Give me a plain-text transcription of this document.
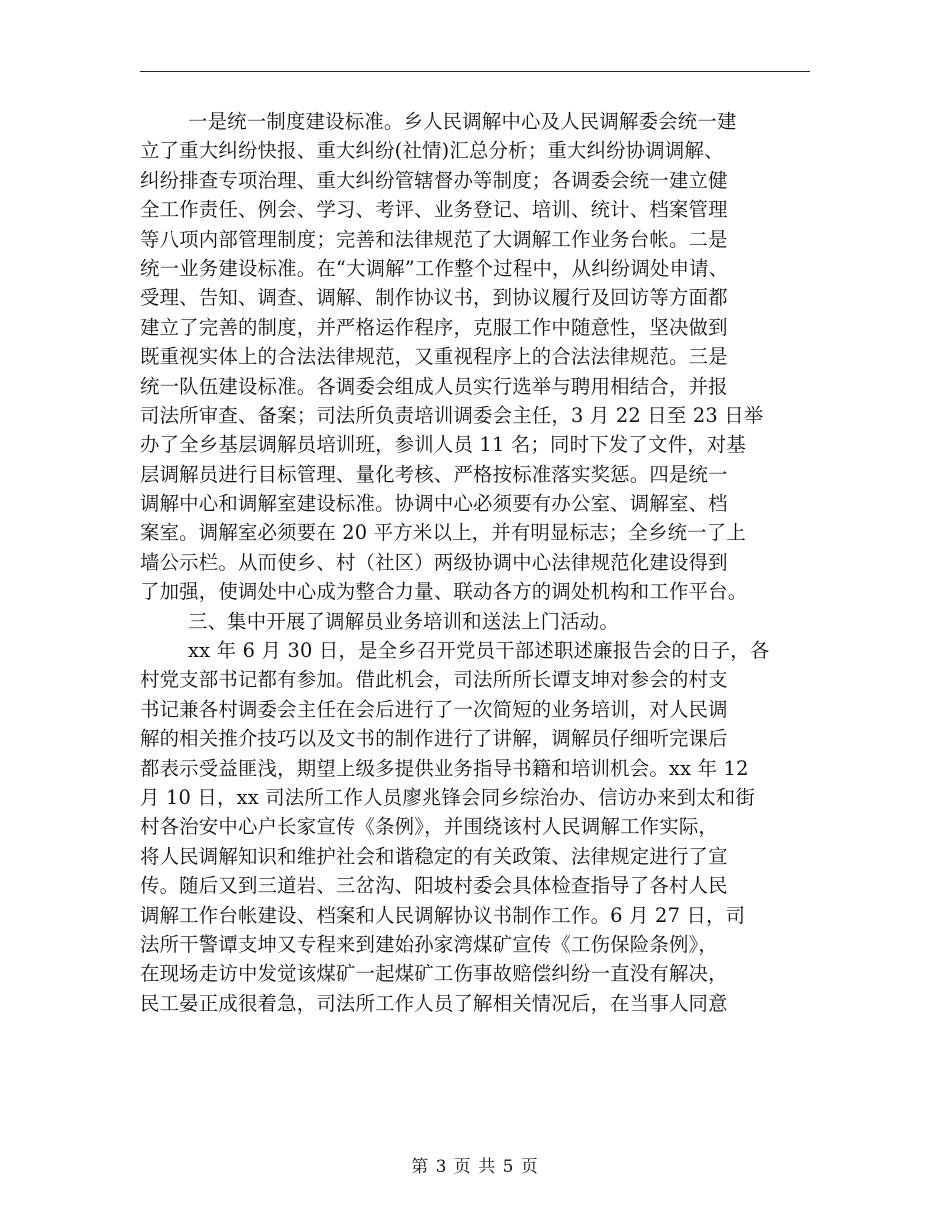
一是统一制度建设标准。乡人民调解中心及人民调解委会统一建
立了重大纠纷快报、重大纠纷(社情)汇总分析；重大纠纷协调调解、
纠纷排查专项治理、重大纠纷管辖督办等制度；各调委会统一建立健
全工作责任、例会、学习、考评、业务登记、培训、统计、档案管理
等八项内部管理制度；完善和法律规范了大调解工作业务台帐。二是
统一业务建设标准。在“大调解”工作整个过程中，从纠纷调处申请、
受理、告知、调查、调解、制作协议书，到协议履行及回访等方面都
建立了完善的制度，并严格运作程序，克服工作中随意性，坚决做到
既重视实体上的合法法律规范，又重视程序上的合法法律规范。三是
统一队伍建设标准。各调委会组成人员实行选举与聘用相结合，并报
司法所审查、备案；司法所负责培训调委会主任，3 月 22 日至 23 日举
办了全乡基层调解员培训班，参训人员 11 名；同时下发了文件，对基
层调解员进行目标管理、量化考核、严格按标准落实奖惩。四是统一
调解中心和调解室建设标准。协调中心必须要有办公室、调解室、档
案室。调解室必须要在 20 平方米以上，并有明显标志；全乡统一了上
墙公示栏。从而使乡、村（社区）两级协调中心法律规范化建设得到
了加强，使调处中心成为整合力量、联动各方的调处机构和工作平台。
三、集中开展了调解员业务培训和送法上门活动。
xx 年 6 月 30 日，是全乡召开党员干部述职述廉报告会的日子，各
村党支部书记都有参加。借此机会，司法所所长谭支坤对参会的村支
书记兼各村调委会主任在会后进行了一次简短的业务培训，对人民调
解的相关推介技巧以及文书的制作进行了讲解，调解员仔细听完课后
都表示受益匪浅，期望上级多提供业务指导书籍和培训机会。xx 年 12
月 10 日，xx 司法所工作人员廖兆锋会同乡综治办、信访办来到太和街
村各治安中心户长家宣传《条例》，并围绕该村人民调解工作实际，
将人民调解知识和维护社会和谐稳定的有关政策、法律规定进行了宣
传。随后又到三道岩、三岔沟、阳坡村委会具体检查指导了各村人民
调解工作台帐建设、档案和人民调解协议书制作工作。6 月 27 日，司
法所干警谭支坤又专程来到建始孙家湾煤矿宣传《工伤保险条例》，
在现场走访中发觉该煤矿一起煤矿工伤事故赔偿纠纷一直没有解决，
民工晏正成很着急，司法所工作人员了解相关情况后，在当事人同意
第 3 页 共 5 页
